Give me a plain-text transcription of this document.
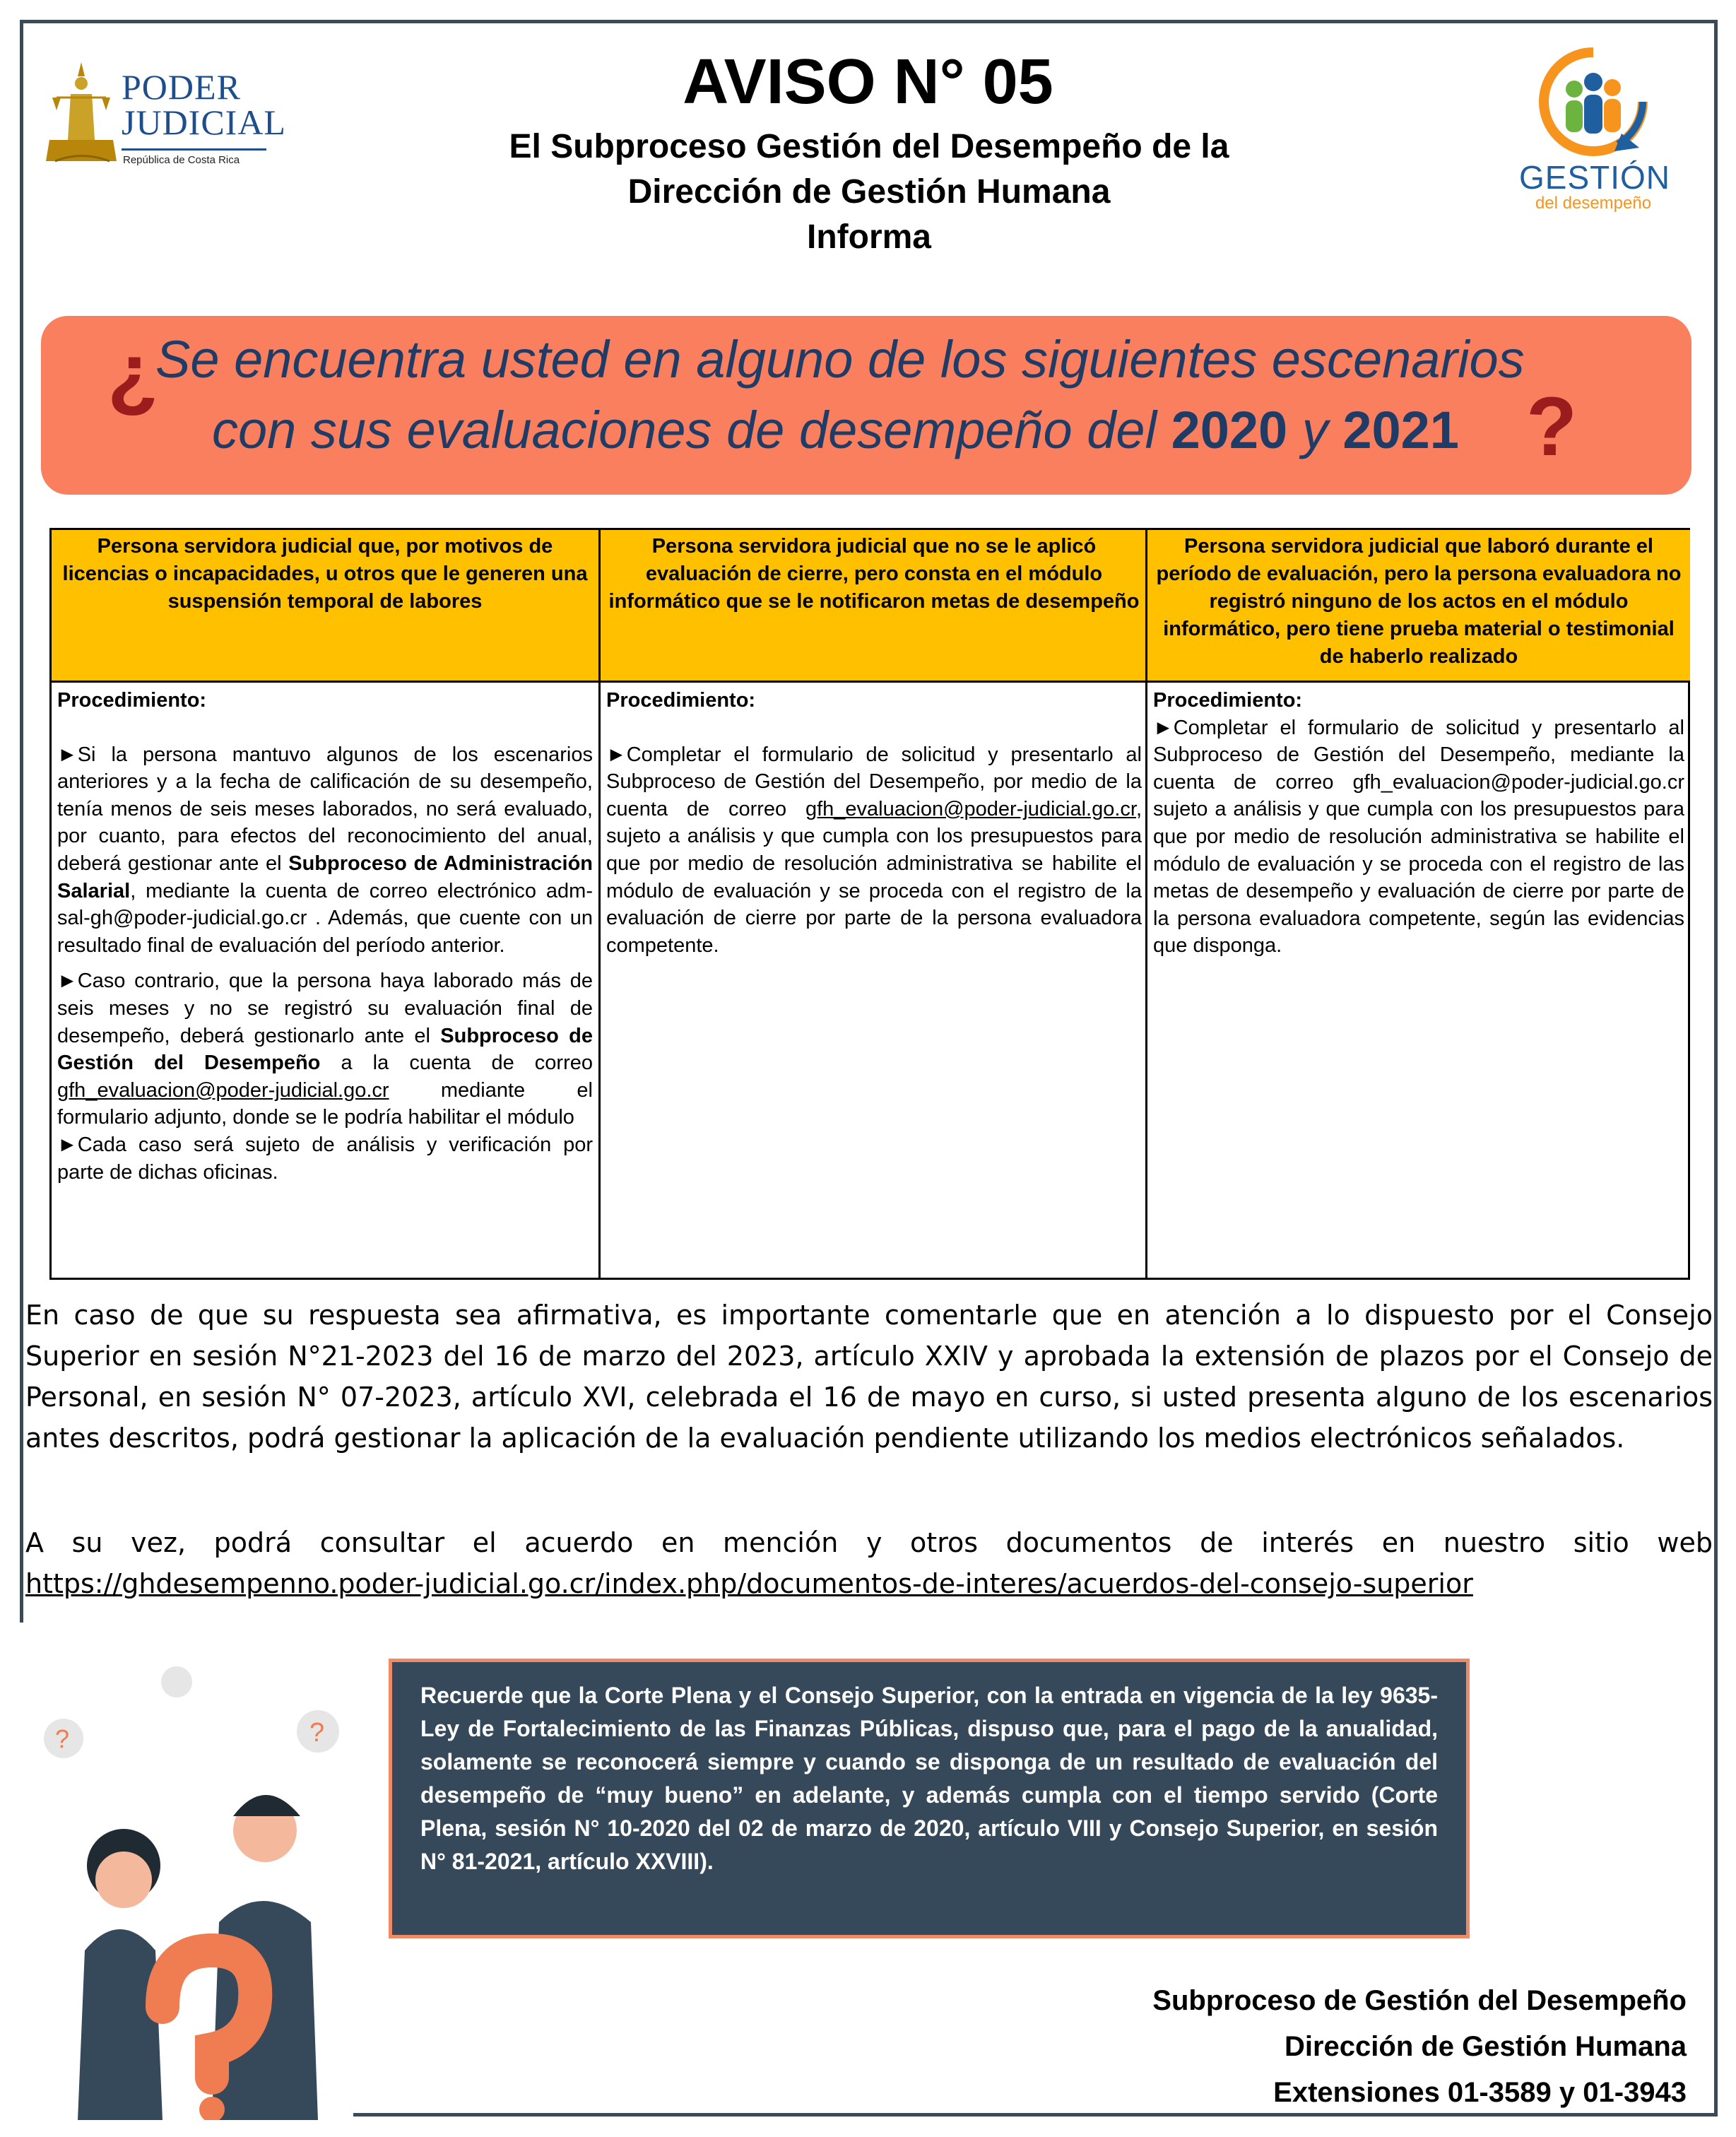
PODER
JUDICIAL
República de Costa Rica
AVISO N° 05
El Subproceso Gestión del Desempeño de la
Dirección de Gestión Humana
Informa
GESTIÓN
del desempeño
¿
Se encuentra usted en alguno de los siguientes escenarios
con sus evaluaciones de desempeño del 2020 y 2021 ?
Persona servidora judicial que, por motivos de licencias o incapacidades, u otros que le generen una suspensión temporal de labores
Procedimiento:
►Si la persona mantuvo algunos de los escenarios anteriores y a la fecha de calificación de su desempeño, tenía menos de seis meses laborados, no será evaluado, por cuanto, para efectos del reconocimiento del anual, deberá gestionar ante el Subproceso de Administración Salarial, mediante la cuenta de correo electrónico adm-sal-gh@poder-judicial.go.cr . Además, que cuente con un resultado final de evaluación del período anterior.
►Caso contrario, que la persona haya laborado más de seis meses y no se registró su evaluación final de desempeño, deberá gestionarlo ante el Subproceso de Gestión del Desempeño a la cuenta de correo gfh_evaluacion@poder-judicial.go.cr mediante el formulario adjunto, donde se le podría habilitar el módulo
►Cada caso será sujeto de análisis y verificación por parte de dichas oficinas.
Persona servidora judicial que no se le aplicó evaluación de cierre, pero consta en el módulo informático que se le notificaron metas de desempeño
Procedimiento:
►Completar el formulario de solicitud y presentarlo al Subproceso de Gestión del Desempeño, por medio de la cuenta de correo gfh_evaluacion@poder-judicial.go.cr, sujeto a análisis y que cumpla con los presupuestos para que por medio de resolución administrativa se habilite el módulo de evaluación y se proceda con el registro de la evaluación de cierre por parte de la persona evaluadora competente.
Persona servidora judicial que laboró durante el período de evaluación, pero la persona evaluadora no registró ninguno de los actos en el módulo informático, pero tiene prueba material o testimonial de haberlo realizado
Procedimiento:
►Completar el formulario de solicitud y presentarlo al Subproceso de Gestión del Desempeño, mediante la cuenta de correo gfh_evaluacion@poder-judicial.go.cr sujeto a análisis y que cumpla con los presupuestos para que por medio de resolución administrativa se habilite el módulo de evaluación y se proceda con el registro de las metas de desempeño y evaluación de cierre por parte de la persona evaluadora competente, según las evidencias que disponga.
En caso de que su respuesta sea afirmativa, es importante comentarle que en atención a lo dispuesto por el Consejo Superior en sesión N°21-2023 del 16 de marzo del 2023, artículo XXIV y aprobada la extensión de plazos por el Consejo de Personal, en sesión N° 07-2023, artículo XVI, celebrada el 16 de mayo en curso, si usted presenta alguno de los escenarios antes descritos, podrá gestionar la aplicación de la evaluación pendiente utilizando los medios electrónicos señalados.
A su vez, podrá consultar el acuerdo en mención y otros documentos de interés en nuestro sitio web https://ghdesempenno.poder-judicial.go.cr/index.php/documentos-de-interes/acuerdos-del-consejo-superior
?	?
Recuerde que la Corte Plena y el Consejo Superior, con la entrada en vigencia de la ley 9635-Ley de Fortalecimiento de las Finanzas Públicas, dispuso que, para el pago de la anualidad, solamente se reconocerá siempre y cuando se disponga de un resultado de evaluación del desempeño de “muy bueno” en adelante, y además cumpla con el tiempo servido (Corte Plena, sesión N° 10-2020 del 02 de marzo de 2020, artículo VIII y Consejo Superior, en sesión N° 81-2021, artículo XXVIII).
Subproceso de Gestión del Desempeño
Dirección de Gestión Humana
Extensiones 01-3589 y 01-3943
